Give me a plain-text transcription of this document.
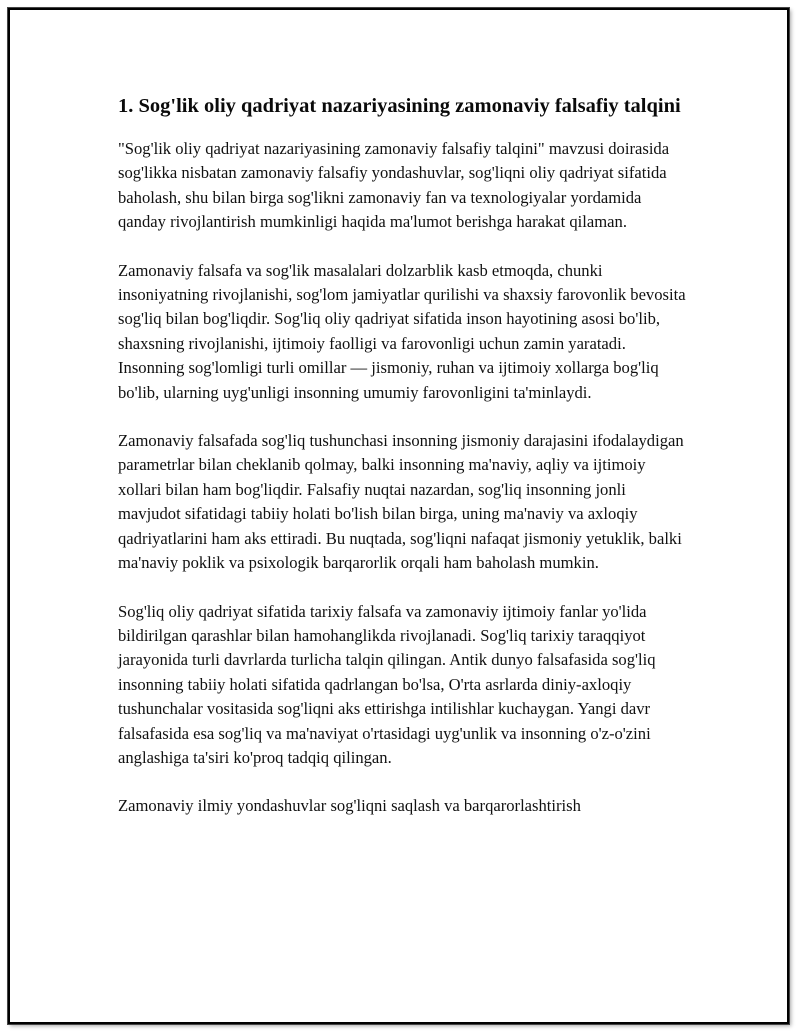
1. Sog'lik oliy qadriyat nazariyasining zamonaviy falsafiy talqini

"Sog'lik oliy qadriyat nazariyasining zamonaviy falsafiy talqini" mavzusi doirasida sog'likka nisbatan zamonaviy falsafiy yondashuvlar, sog'liqni oliy qadriyat sifatida baholash, shu bilan birga sog'likni zamonaviy fan va texnologiyalar yordamida qanday rivojlantirish mumkinligi haqida ma'lumot berishga harakat qilaman.

Zamonaviy falsafa va sog'lik masalalari dolzarblik kasb etmoqda, chunki insoniyatning rivojlanishi, sog'lom jamiyatlar qurilishi va shaxsiy farovonlik bevosita sog'liq bilan bog'liqdir. Sog'liq oliy qadriyat sifatida inson hayotining asosi bo'lib, shaxsning rivojlanishi, ijtimoiy faolligi va farovonligi uchun zamin yaratadi. Insonning sog'lomligi turli omillar — jismoniy, ruhan va ijtimoiy xollarga bog'liq bo'lib, ularning uyg'unligi insonning umumiy farovonligini ta'minlaydi.

Zamonaviy falsafada sog'liq tushunchasi insonning jismoniy darajasini ifodalaydigan parametrlar bilan cheklanib qolmay, balki insonning ma'naviy, aqliy va ijtimoiy xollari bilan ham bog'liqdir. Falsafiy nuqtai nazardan, sog'liq insonning jonli mavjudot sifatidagi tabiiy holati bo'lish bilan birga, uning ma'naviy va axloqiy qadriyatlarini ham aks ettiradi. Bu nuqtada, sog'liqni nafaqat jismoniy yetuklik, balki ma'naviy poklik va psixologik barqarorlik orqali ham baholash mumkin.

Sog'liq oliy qadriyat sifatida tarixiy falsafa va zamonaviy ijtimoiy fanlar yo'lida bildirilgan qarashlar bilan hamohanglikda rivojlanadi. Sog'liq tarixiy taraqqiyot jarayonida turli davrlarda turlicha talqin qilingan. Antik dunyo falsafasida sog'liq insonning tabiiy holati sifatida qadrlangan bo'lsa, O'rta asrlarda diniy-axloqiy tushunchalar vositasida sog'liqni aks ettirishga intilishlar kuchaygan. Yangi davr falsafasida esa sog'liq va ma'naviyat o'rtasidagi uyg'unlik va insonning o'z-o'zini anglashiga ta'siri ko'proq tadqiq qilingan.

Zamonaviy ilmiy yondashuvlar sog'liqni saqlash va barqarorlashtirish
